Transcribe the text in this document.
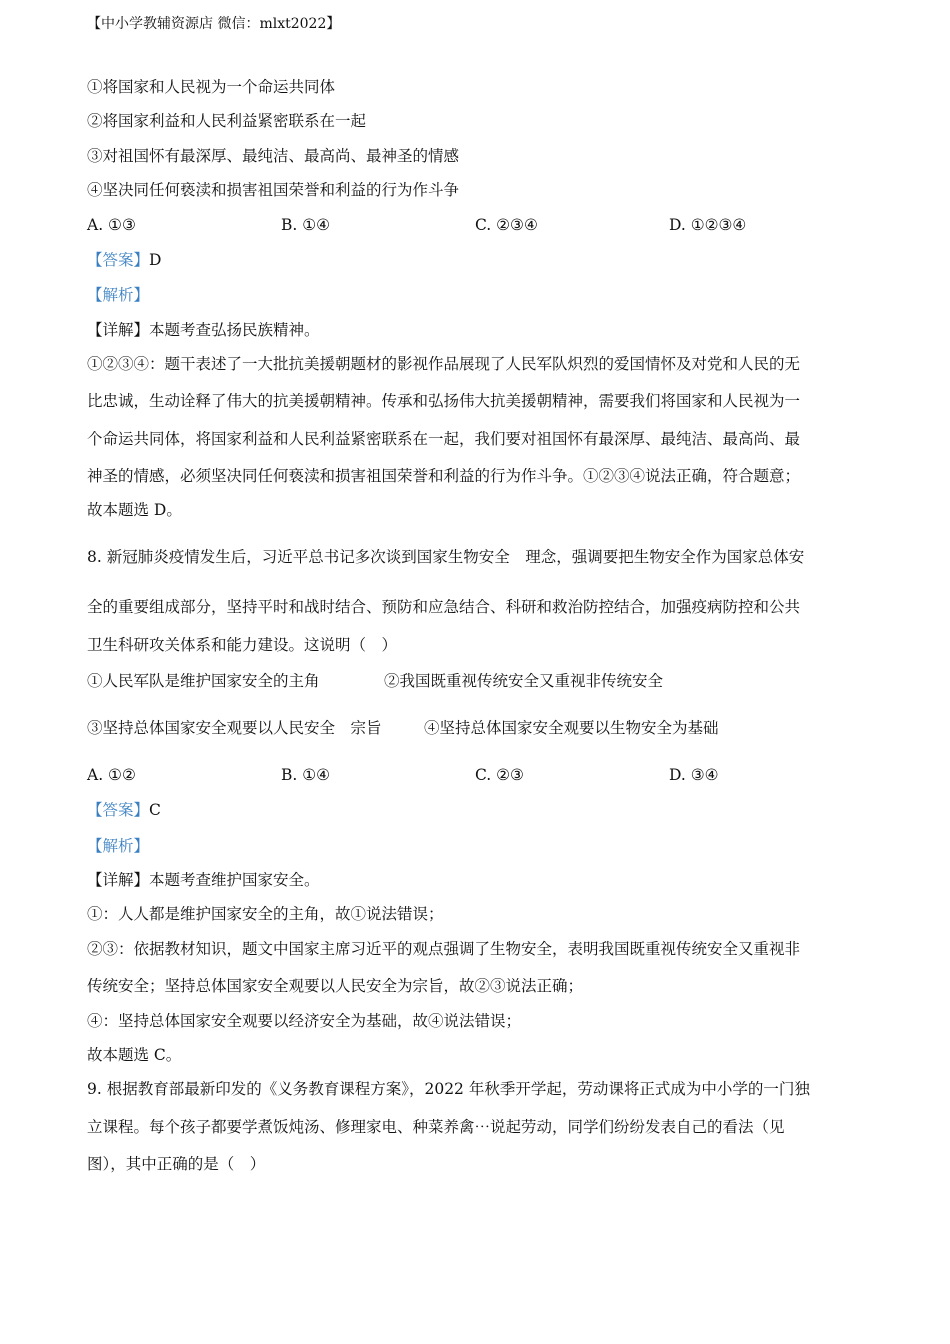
【中小学教辅资源店 微信：mlxt2022】
①将国家和人民视为一个命运共同体
②将国家利益和人民利益紧密联系在一起
③对祖国怀有最深厚、最纯洁、最高尚、最神圣的情感
④坚决同任何亵渎和损害祖国荣誉和利益的行为作斗争
A. ①③	B. ①④	C. ②③④	D. ①②③④
【答案】D
【解析】
【详解】本题考查弘扬民族精神。
①②③④：题干表述了一大批抗美援朝题材的影视作品展现了人民军队炽烈的爱国情怀及对党和人民的无
比忠诚，生动诠释了伟大的抗美援朝精神。传承和弘扬伟大抗美援朝精神，需要我们将国家和人民视为一
个命运共同体，将国家利益和人民利益紧密联系在一起，我们要对祖国怀有最深厚、最纯洁、最高尚、最
神圣的情感，必须坚决同任何亵渎和损害祖国荣誉和利益的行为作斗争。①②③④说法正确，符合题意；
故本题选 D。
8. 新冠肺炎疫情发生后，习近平总书记多次谈到国家生物安全　理念，强调要把生物安全作为国家总体安
全的重要组成部分，坚持平时和战时结合、预防和应急结合、科研和救治防控结合，加强疫病防控和公共
卫生科研攻关体系和能力建设。这说明（　）
①人民军队是维护国家安全的主角	②我国既重视传统安全又重视非传统安全
③坚持总体国家安全观要以人民安全　宗旨	④坚持总体国家安全观要以生物安全为基础
A. ①②	B. ①④	C. ②③	D. ③④
【答案】C
【解析】
【详解】本题考查维护国家安全。
①：人人都是维护国家安全的主角，故①说法错误；
②③：依据教材知识，题文中国家主席习近平的观点强调了生物安全，表明我国既重视传统安全又重视非
传统安全；坚持总体国家安全观要以人民安全为宗旨，故②③说法正确；
④：坚持总体国家安全观要以经济安全为基础，故④说法错误；
故本题选 C。
9. 根据教育部最新印发的《义务教育课程方案》，2022 年秋季开学起，劳动课将正式成为中小学的一门独
立课程。每个孩子都要学煮饭炖汤、修理家电、种菜养禽⋯说起劳动，同学们纷纷发表自己的看法（见
图），其中正确的是（　）
